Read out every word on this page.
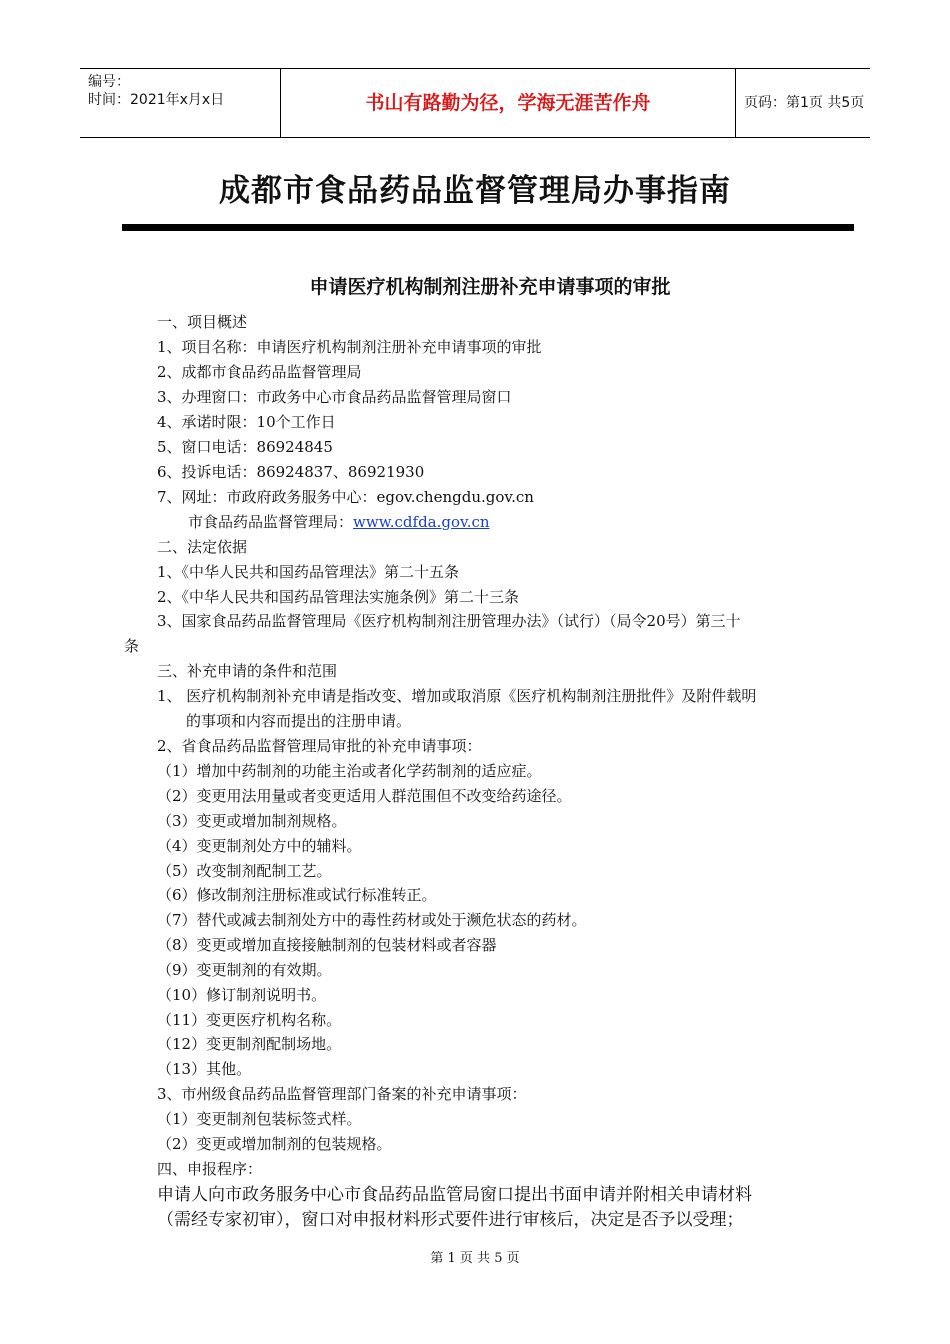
编号：
时间：2021年x月x日	书山有路勤为径，学海无涯苦作舟	页码：第1页 共5页
成都市食品药品监督管理局办事指南
申请医疗机构制剂注册补充申请事项的审批
一、项目概述
1、项目名称：申请医疗机构制剂注册补充申请事项的审批
2、成都市食品药品监督管理局
3、办理窗口：市政务中心市食品药品监督管理局窗口
4、承诺时限：10个工作日
5、窗口电话：86924845
6、投诉电话：86924837、86921930
7、网址：市政府政务服务中心：egov.chengdu.gov.cn
市食品药品监督管理局：www.cdfda.gov.cn
二、法定依据
1、《中华人民共和国药品管理法》第二十五条
2、《中华人民共和国药品管理法实施条例》第二十三条
3、国家食品药品监督管理局《医疗机构制剂注册管理办法》（试行）（局令20号）第三十
条
三、补充申请的条件和范围
1、 医疗机构制剂补充申请是指改变、增加或取消原《医疗机构制剂注册批件》及附件载明
的事项和内容而提出的注册申请。
2、省食品药品监督管理局审批的补充申请事项：
（1）增加中药制剂的功能主治或者化学药制剂的适应症。
（2）变更用法用量或者变更适用人群范围但不改变给药途径。
（3）变更或增加制剂规格。
（4）变更制剂处方中的辅料。
（5）改变制剂配制工艺。
（6）修改制剂注册标准或试行标准转正。
（7）替代或减去制剂处方中的毒性药材或处于濒危状态的药材。
（8）变更或增加直接接触制剂的包装材料或者容器
（9）变更制剂的有效期。
（10）修订制剂说明书。
（11）变更医疗机构名称。
（12）变更制剂配制场地。
（13）其他。
3、市州级食品药品监督管理部门备案的补充申请事项：
（1）变更制剂包装标签式样。
（2）变更或增加制剂的包装规格。
四、申报程序：
申请人向市政务服务中心市食品药品监管局窗口提出书面申请并附相关申请材料
（需经专家初审），窗口对申报材料形式要件进行审核后，决定是否予以受理；
第 1 页 共 5 页
